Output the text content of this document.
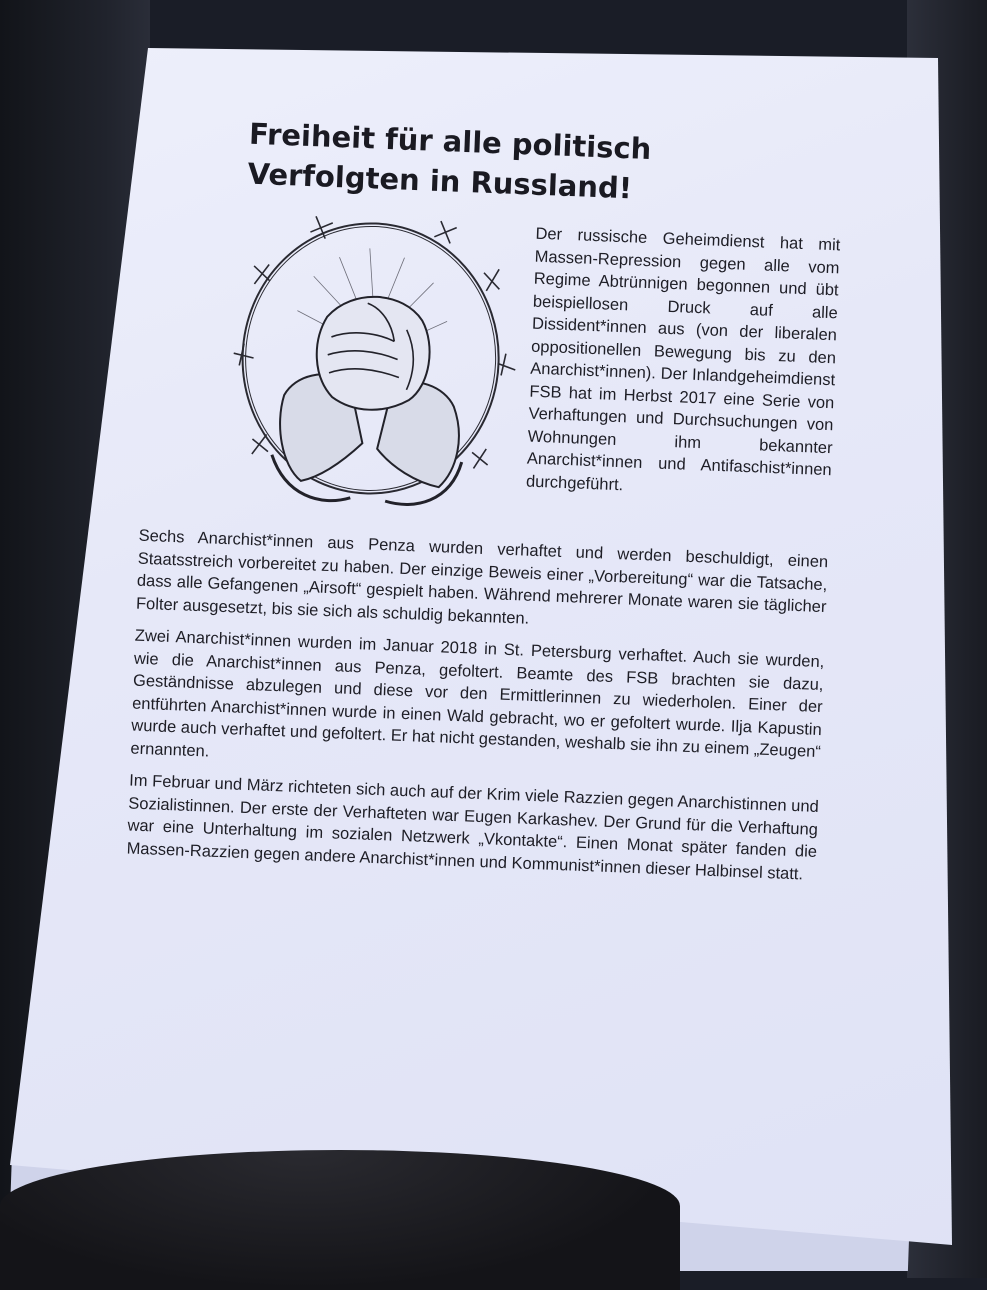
Freiheit für alle politisch Verfolgten in Russland!

Der russische Geheimdienst hat mit Massen-Repression gegen alle vom Regime Abtrünnigen begonnen und übt beispiellosen Druck auf alle Dissident*innen aus (von der liberalen oppositionellen Bewegung bis zu den Anarchist*innen). Der Inlandgeheimdienst FSB hat im Herbst 2017 eine Serie von Verhaftungen und Durchsuchungen von Wohnungen ihm bekannter Anarchist*innen und Antifaschist*innen durchgeführt.

Sechs Anarchist*innen aus Penza wurden verhaftet und werden beschuldigt, einen Staatsstreich vorbereitet zu haben. Der einzige Beweis einer „Vorbereitung“ war die Tatsache, dass alle Gefangenen „Airsoft“ gespielt haben. Während mehrerer Monate waren sie täglicher Folter ausgesetzt, bis sie sich als schuldig bekannten.

Zwei Anarchist*innen wurden im Januar 2018 in St. Petersburg verhaftet. Auch sie wurden, wie die Anarchist*innen aus Penza, gefoltert. Beamte des FSB brachten sie dazu, Geständnisse abzulegen und diese vor den Ermittlerinnen zu wiederholen. Einer der entführten Anarchist*innen wurde in einen Wald gebracht, wo er gefoltert wurde. Ilja Kapustin wurde auch verhaftet und gefoltert. Er hat nicht gestanden, weshalb sie ihn zu einem „Zeugen“ ernannten.

Im Februar und März richteten sich auch auf der Krim viele Razzien gegen Anarchistinnen und Sozialistinnen. Der erste der Verhafteten war Eugen Karkashev. Der Grund für die Verhaftung war eine Unterhaltung im sozialen Netzwerk „Vkontakte“. Einen Monat später fanden die Massen-Razzien gegen andere Anarchist*innen und Kommunist*innen dieser Halbinsel statt.
